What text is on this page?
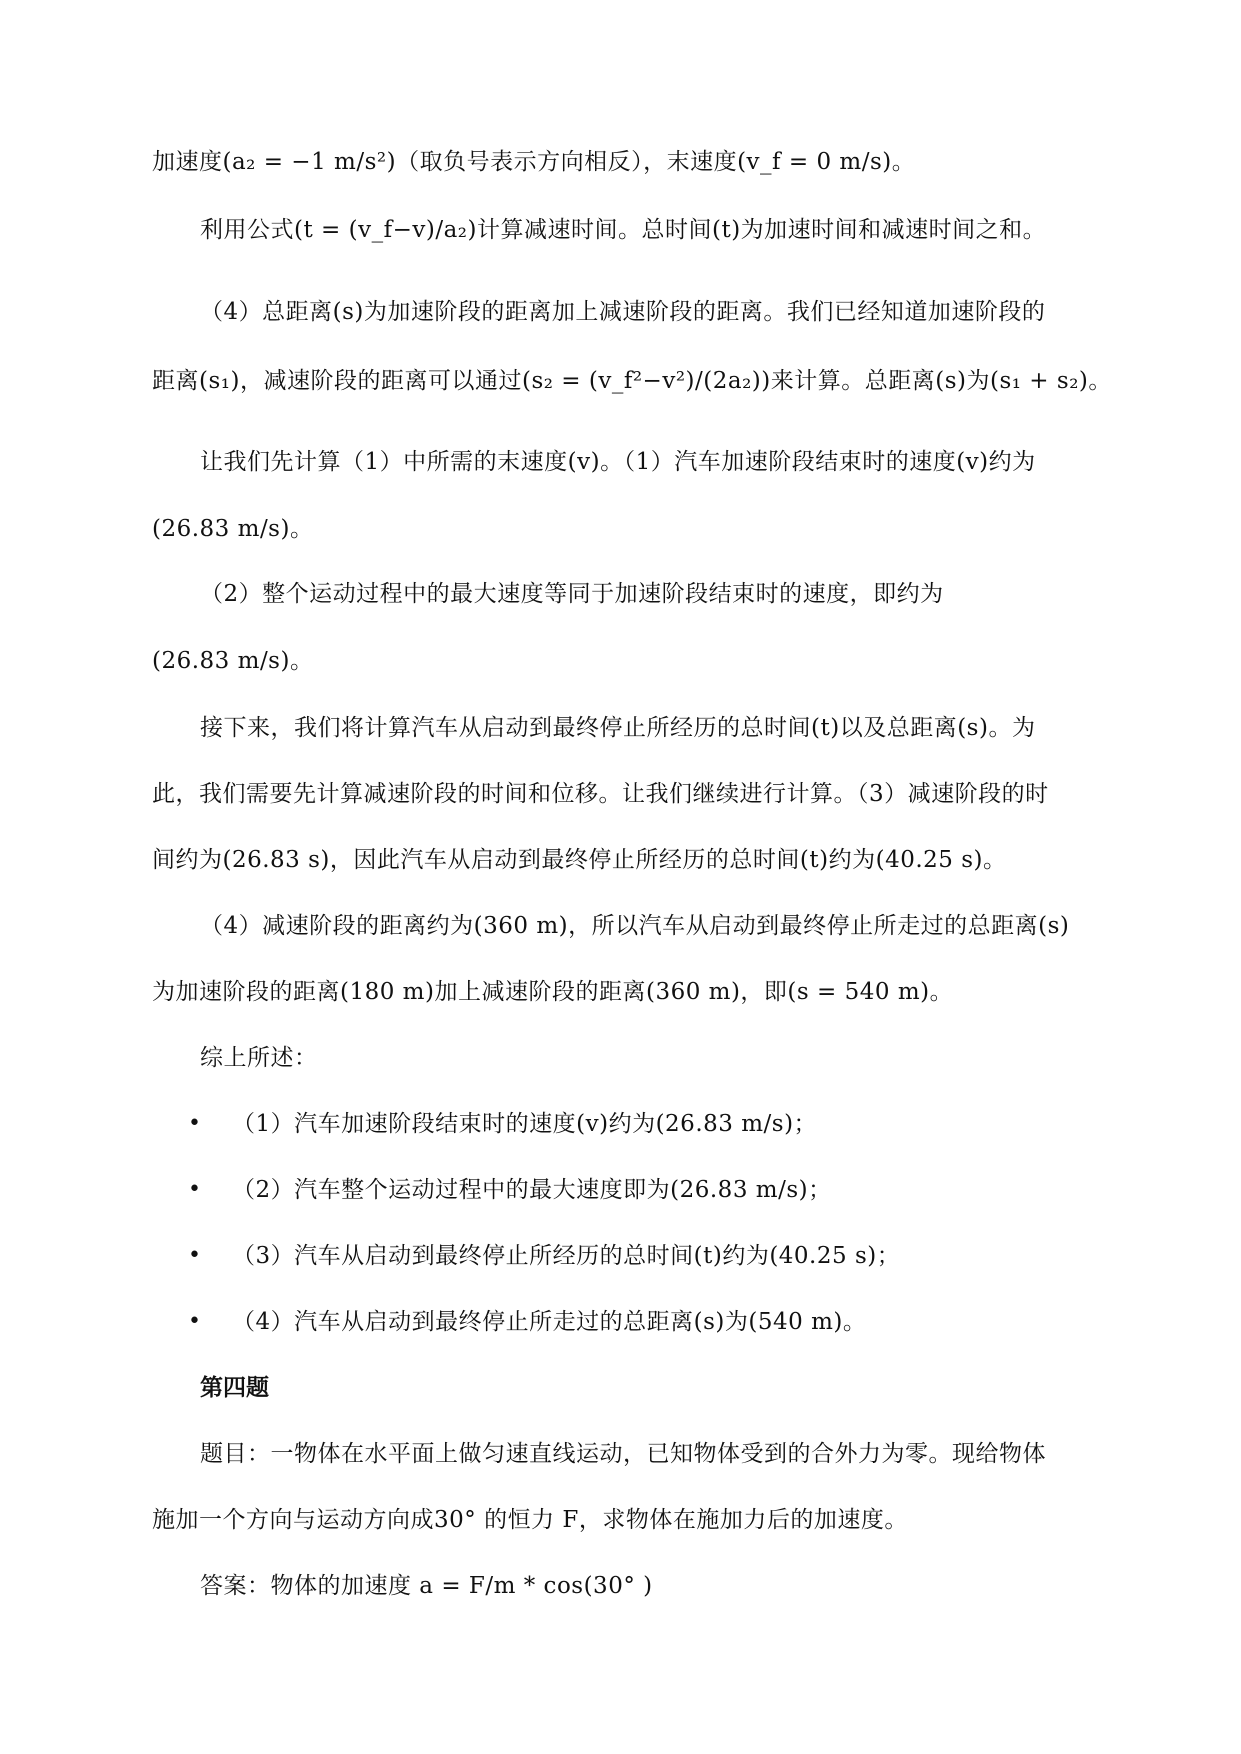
加速度(a₂ = −1 m/s²)（取负号表示方向相反），末速度(v_f = 0 m/s)。
利用公式(t = (v_f−v)/a₂)计算减速时间。总时间(t)为加速时间和减速时间之和。
（4）总距离(s)为加速阶段的距离加上减速阶段的距离。我们已经知道加速阶段的
距离(s₁)，减速阶段的距离可以通过(s₂ = (v_f²−v²)/(2a₂))来计算。总距离(s)为(s₁ + s₂)。
让我们先计算（1）中所需的末速度(v)。（1）汽车加速阶段结束时的速度(v)约为
(26.83 m/s)。
（2）整个运动过程中的最大速度等同于加速阶段结束时的速度，即约为
(26.83 m/s)。
接下来，我们将计算汽车从启动到最终停止所经历的总时间(t)以及总距离(s)。为
此，我们需要先计算减速阶段的时间和位移。让我们继续进行计算。（3）减速阶段的时
间约为(26.83 s)，因此汽车从启动到最终停止所经历的总时间(t)约为(40.25 s)。
（4）减速阶段的距离约为(360 m)，所以汽车从启动到最终停止所走过的总距离(s)
为加速阶段的距离(180 m)加上减速阶段的距离(360 m)，即(s = 540 m)。
综上所述：
• （1）汽车加速阶段结束时的速度(v)约为(26.83 m/s)；
• （2）汽车整个运动过程中的最大速度即为(26.83 m/s)；
• （3）汽车从启动到最终停止所经历的总时间(t)约为(40.25 s)；
• （4）汽车从启动到最终停止所走过的总距离(s)为(540 m)。
第四题
题目：一物体在水平面上做匀速直线运动，已知物体受到的合外力为零。现给物体
施加一个方向与运动方向成30° 的恒力 F，求物体在施加力后的加速度。
答案：物体的加速度 a = F/m * cos(30° )
